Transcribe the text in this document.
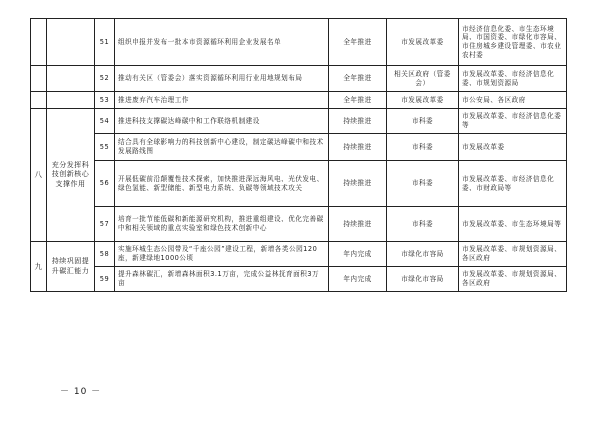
		51	组织申报并发布一批本市资源循环利用企业发展名单	全年推进	市发展改革委	市经济信息化委、市生态环境局、市国资委、市绿化市容局、市住房城乡建设管理委、市农业农村委
		52	推动有关区（管委会）落实资源循环利用行业用地规划布局	全年推进	相关区政府（管委会）	市发展改革委、市经济信息化委、市规划资源局
		53	推进废弃汽车治理工作	全年推进	市发展改革委	市公安局、各区政府
八	充分发挥科技创新核心支撑作用	54	推进科技支撑碳达峰碳中和工作联络机制建设	持续推进	市科委	市发展改革委、市经济信息化委等
		55	结合具有全球影响力的科技创新中心建设，制定碳达峰碳中和技术发展路线图	持续推进	市科委	市发展改革委
		56	开展低碳前沿颠覆性技术探索，加快推进深远海风电、光伏发电、绿色氢能、新型储能、新型电力系统、负碳等领域技术攻关	持续推进	市科委	市发展改革委、市经济信息化委、市财政局等
		57	培育一批节能低碳和新能源研究机构，推进重组建设、优化完善碳中和相关领域的重点实验室和绿色技术创新中心	持续推进	市科委	市发展改革委、市生态环境局等
九	持续巩固提升碳汇能力	58	实施环城生态公园带及“千座公园”建设工程，新增各类公园120座，新建绿地1000公顷	年内完成	市绿化市容局	市发展改革委、市规划资源局、各区政府
		59	提升森林碳汇，新增森林面积3.1万亩，完成公益林抚育面积3万亩	年内完成	市绿化市容局	市发展改革委、市规划资源局、各区政府
－ 10 －
